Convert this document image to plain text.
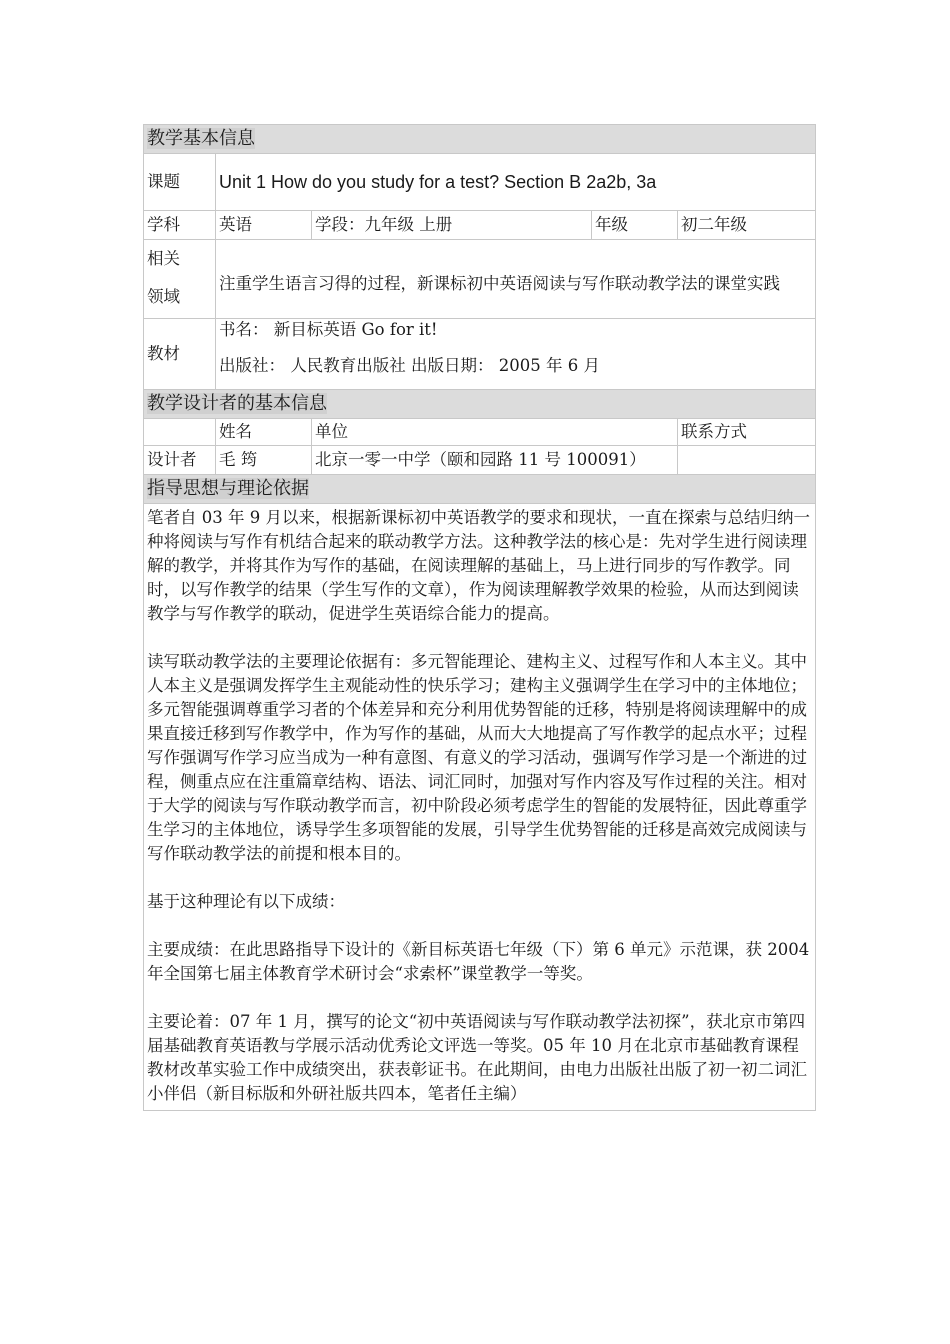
教学基本信息				
课题	Unit 1 How do you study for a test? Section B 2a2b, 3a			
学科	英语	学段：九年级 上册	年级	初二年级

相关
领域	注重学生语言习得的过程，新课标初中英语阅读与写作联动教学法的课堂实践			
教材	书名： 新目标英语 Go for it!
出版社： 人民教育出版社 出版日期： 2005 年 6 月			

教学设计者的基本信息				
	姓名	单位		联系方式
设计者	毛 筠	北京一零一中学（颐和园路 11 号 100091）		
指导思想与理论依据				

笔者自 03 年 9 月以来，根据新课标初中英语教学的要求和现状，一直在探索与总结归纳一种将阅读与写作有机结合起来的联动教学方法。这种教学法的核心是：先对学生进行阅读理解的教学，并将其作为写作的基础，在阅读理解的基础上，马上进行同步的写作教学。同时，以写作教学的结果（学生写作的文章），作为阅读理解教学效果的检验，从而达到阅读教学与写作教学的联动，促进学生英语综合能力的提高。

读写联动教学法的主要理论依据有：多元智能理论、建构主义、过程写作和人本主义。其中人本主义是强调发挥学生主观能动性的快乐学习；建构主义强调学生在学习中的主体地位；多元智能强调尊重学习者的个体差异和充分利用优势智能的迁移，特别是将阅读理解中的成果直接迁移到写作教学中，作为写作的基础，从而大大地提高了写作教学的起点水平；过程写作强调写作学习应当成为一种有意图、有意义的学习活动，强调写作学习是一个渐进的过程，侧重点应在注重篇章结构、语法、词汇同时，加强对写作内容及写作过程的关注。相对于大学的阅读与写作联动教学而言，初中阶段必须考虑学生的智能的发展特征，因此尊重学生学习的主体地位，诱导学生多项智能的发展，引导学生优势智能的迁移是高效完成阅读与写作联动教学法的前提和根本目的。

基于这种理论有以下成绩：

主要成绩：在此思路指导下设计的《新目标英语七年级（下）第 6 单元》示范课，获 2004 年全国第七届主体教育学术研讨会“求索杯”课堂教学一等奖。

主要论着：07 年 1 月，撰写的论文“初中英语阅读与写作联动教学法初探”，获北京市第四届基础教育英语教与学展示活动优秀论文评选一等奖。05 年 10 月在北京市基础教育课程教材改革实验工作中成绩突出，获表彰证书。在此期间，由电力出版社出版了初一初二词汇小伴侣（新目标版和外研社版共四本，笔者任主编）				
